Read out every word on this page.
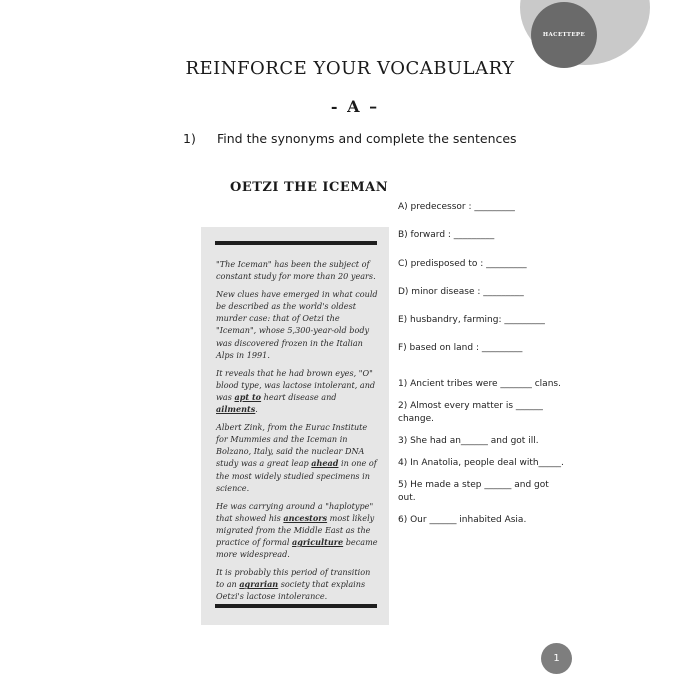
HACETTEPE
REINFORCE YOUR VOCABULARY
- A –
1) Find the synonyms and complete the sentences
OETZI THE ICEMAN

"The Iceman" has been the subject of constant study for more than 20 years.

New clues have emerged in what could be described as the world's oldest murder case: that of Oetzi the "Iceman", whose 5,300-year-old body was discovered frozen in the Italian Alps in 1991.

It reveals that he had brown eyes, "O" blood type, was lactose intolerant, and was apt to heart disease and ailments.

Albert Zink, from the Eurac Institute for Mummies and the Iceman in Bolzano, Italy, said the nuclear DNA study was a great leap ahead in one of the most widely studied specimens in science.

He was carrying around a "haplotype" that showed his ancestors most likely migrated from the Middle East as the practice of formal agriculture became more widespread.

It is probably this period of transition to an agrarian society that explains Oetzi's lactose intolerance.

A) predecessor : _________
B) forward : _________
C) predisposed to : _________
D) minor disease : _________
E) husbandry, farming: _________
F) based on land : _________
1) Ancient tribes were _______ clans.
2) Almost every matter is ______ change.
3) She had an______ and got ill.
4) In Anatolia, people deal with_____.
5) He made a step ______ and got out.
6) Our ______ inhabited Asia.
1
